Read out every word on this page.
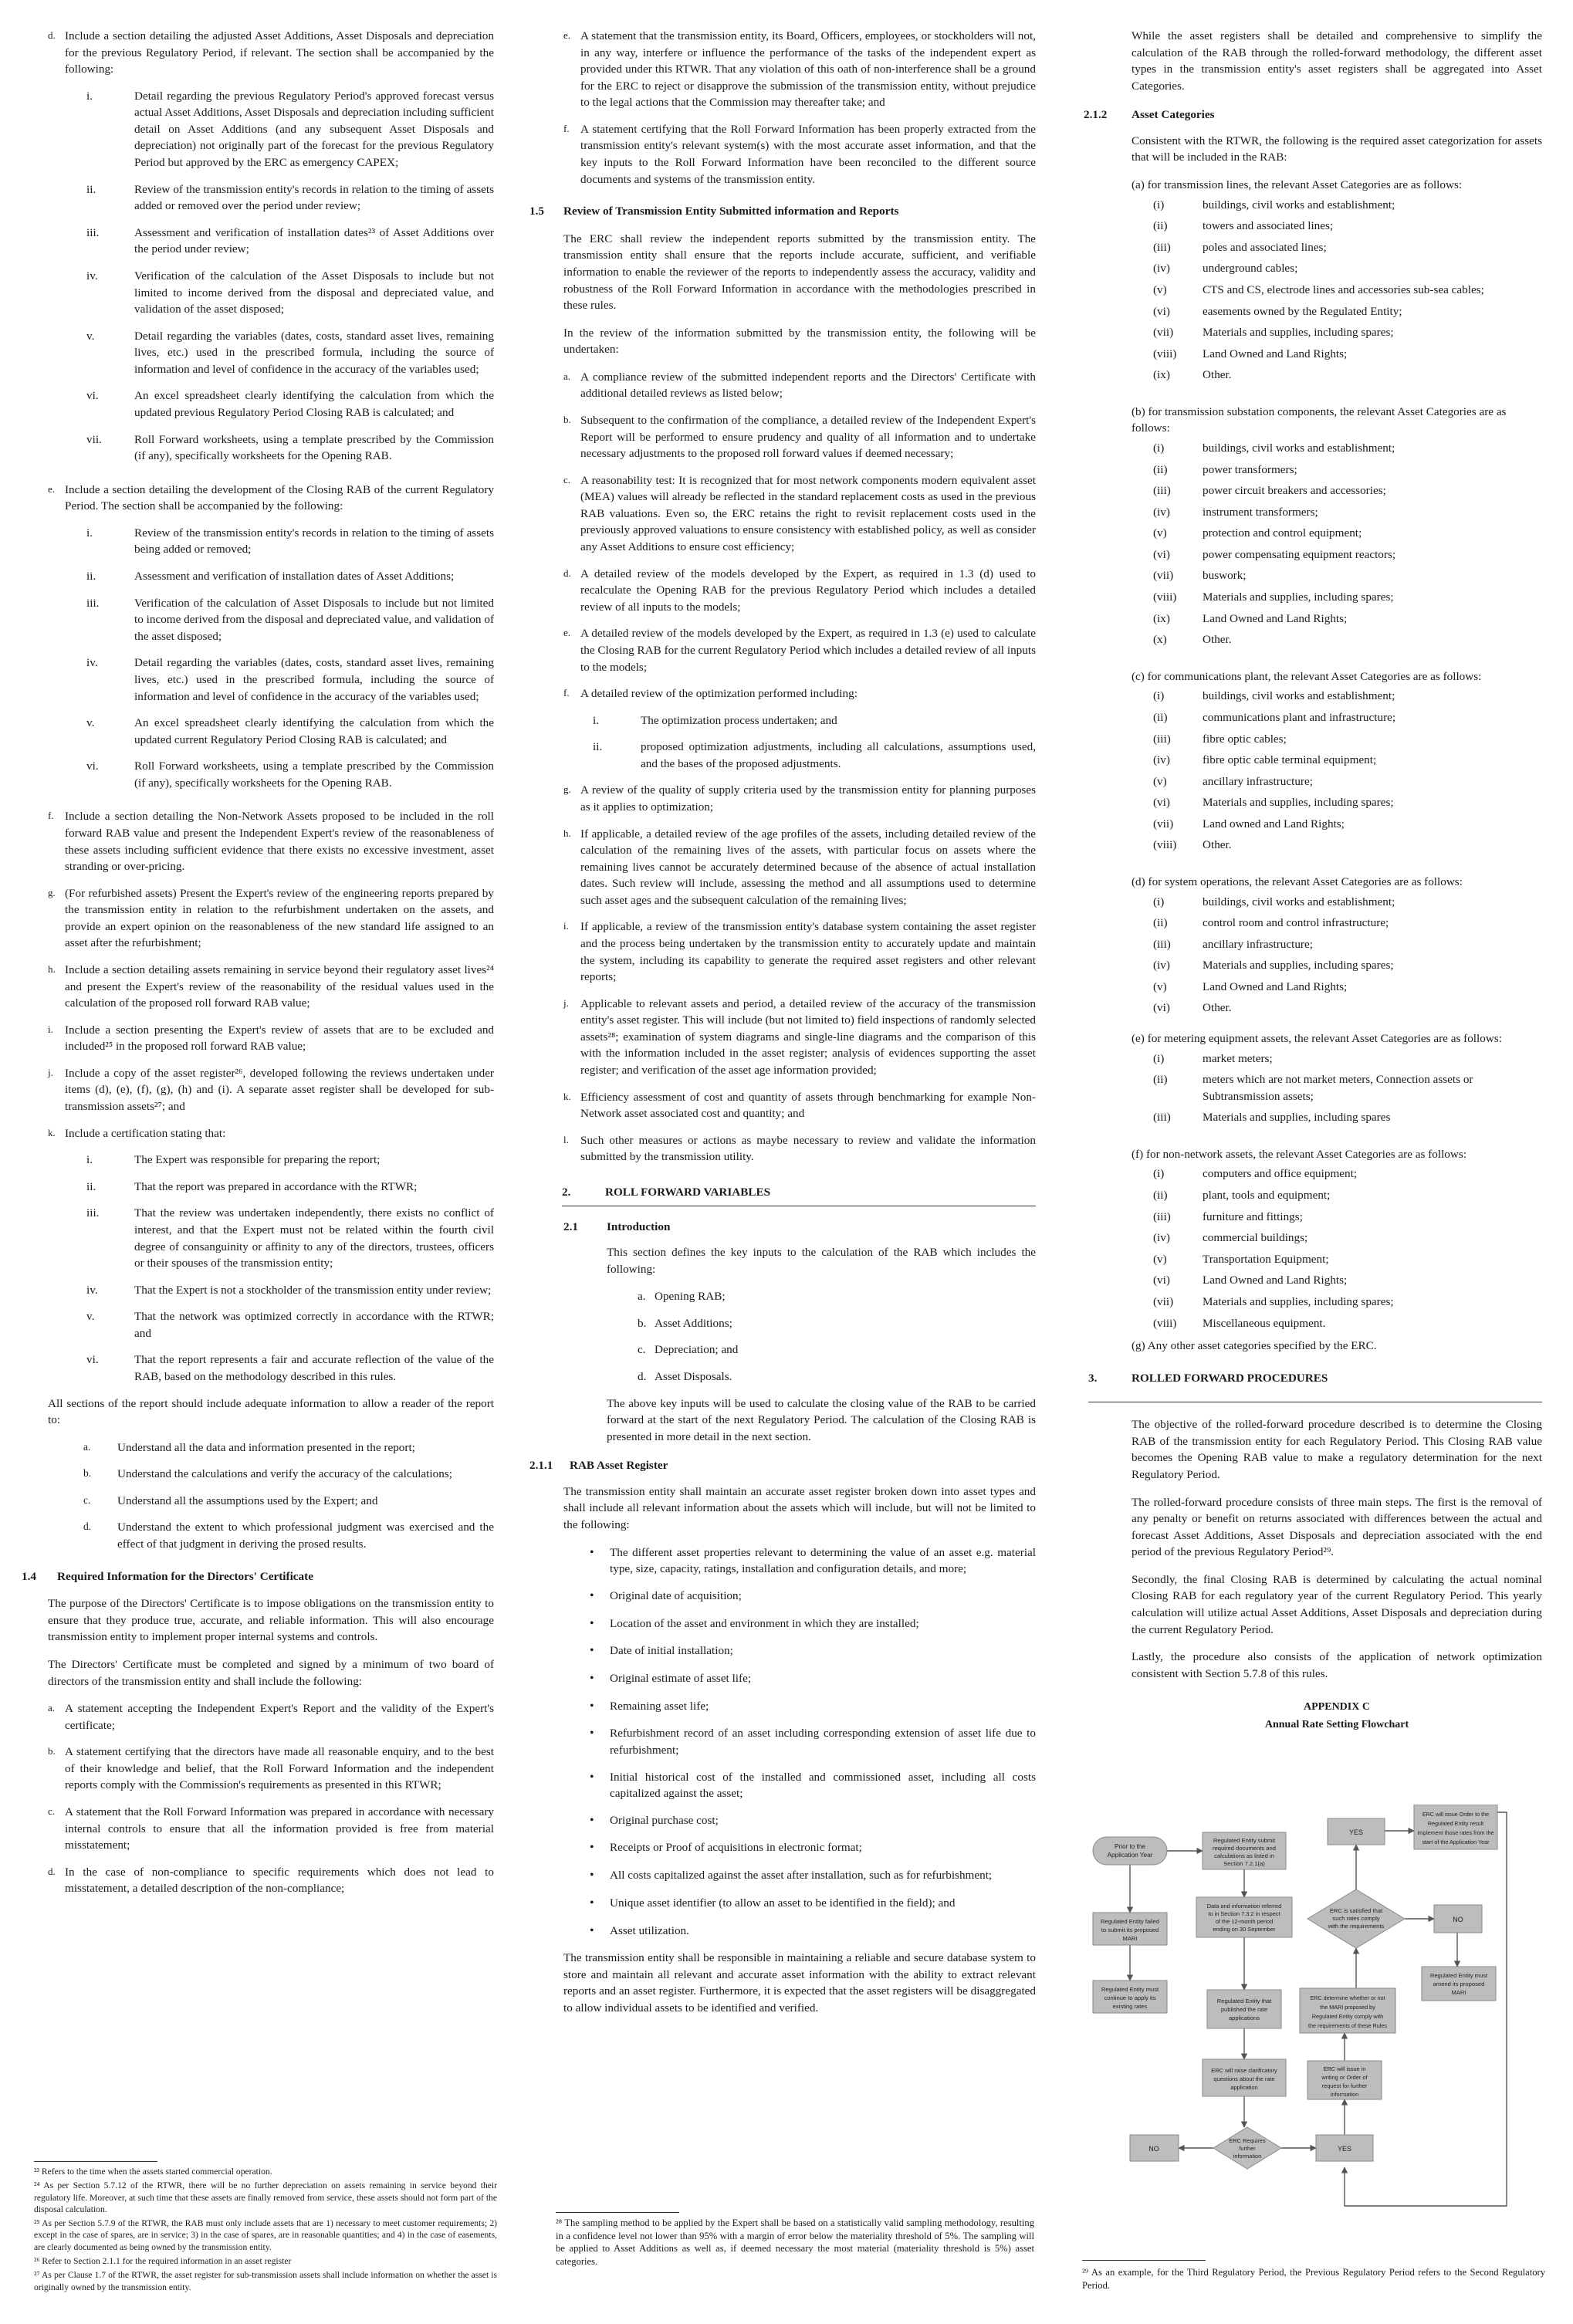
d. Include a section detailing the adjusted Asset Additions, Asset Disposals and depreciation for the previous Regulatory Period, if relevant. The section shall be accompanied by the following:
i.	Detail regarding the previous Regulatory Period's approved forecast versus actual Asset Additions, Asset Disposals and depreciation including sufficient detail on Asset Additions (and any subsequent Asset Disposals and depreciation) not originally part of the forecast for the previous Regulatory Period but approved by the ERC as emergency CAPEX;
ii.	Review of the transmission entity's records in relation to the timing of assets added or removed over the period under review;
iii.	Assessment and verification of installation dates²³ of Asset Additions over the period under review;
iv.	Verification of the calculation of the Asset Disposals to include but not limited to income derived from the disposal and depreciated value, and validation of the asset disposed;
v.	Detail regarding the variables (dates, costs, standard asset lives, remaining lives, etc.) used in the prescribed formula, including the source of information and level of confidence in the accuracy of the variables used;
vi.	An excel spreadsheet clearly identifying the calculation from which the updated previous Regulatory Period Closing RAB is calculated; and
vii.	Roll Forward worksheets, using a template prescribed by the Commission (if any), specifically worksheets for the Opening RAB.
e. Include a section detailing the development of the Closing RAB of the current Regulatory Period. The section shall be accompanied by the following:
i.	Review of the transmission entity's records in relation to the timing of assets being added or removed;
ii.	Assessment and verification of installation dates of Asset Additions;
iii.	Verification of the calculation of Asset Disposals to include but not limited to income derived from the disposal and depreciated value, and validation of the asset disposed;
iv.	Detail regarding the variables (dates, costs, standard asset lives, remaining lives, etc.) used in the prescribed formula, including the source of information and level of confidence in the accuracy of the variables used;
v.	An excel spreadsheet clearly identifying the calculation from which the updated current Regulatory Period Closing RAB is calculated; and
vi.	Roll Forward worksheets, using a template prescribed by the Commission (if any), specifically worksheets for the Opening RAB.
f. Include a section detailing the Non-Network Assets proposed to be included in the roll forward RAB value and present the Independent Expert's review of the reasonableness of these assets including sufficient evidence that there exists no excessive investment, asset stranding or over-pricing.
g. (For refurbished assets) Present the Expert's review of the engineering reports prepared by the transmission entity in relation to the refurbishment undertaken on the assets, and provide an expert opinion on the reasonableness of the new standard life assigned to an asset after the refurbishment;
h. Include a section detailing assets remaining in service beyond their regulatory asset lives²⁴ and present the Expert's review of the reasonability of the residual values used in the calculation of the proposed roll forward RAB value;
i. Include a section presenting the Expert's review of assets that are to be excluded and included²⁵ in the proposed roll forward RAB value;
j. Include a copy of the asset register²⁶, developed following the reviews undertaken under items (d), (e), (f), (g), (h) and (i). A separate asset register shall be developed for sub-transmission assets²⁷; and
k. Include a certification stating that:
i.	The Expert was responsible for preparing the report;
ii.	That the report was prepared in accordance with the RTWR;
iii.	That the review was undertaken independently, there exists no conflict of interest, and that the Expert must not be related within the fourth civil degree of consanguinity or affinity to any of the directors, trustees, officers or their spouses of the transmission entity;
iv.	That the Expert is not a stockholder of the transmission entity under review;
v.	That the network was optimized correctly in accordance with the RTWR; and
vi.	That the report represents a fair and accurate reflection of the value of the RAB, based on the methodology described in this rules.

All sections of the report should include adequate information to allow a reader of the report to:

a.	Understand all the data and information presented in the report;
b.	Understand the calculations and verify the accuracy of the calculations;
c.	Understand all the assumptions used by the Expert; and
d.	Understand the extent to which professional judgment was exercised and the effect of that judgment in deriving the prosed results.
1.4	Required Information for the Directors' Certificate

The purpose of the Directors' Certificate is to impose obligations on the transmission entity to ensure that they produce true, accurate, and reliable information. This will also encourage transmission entity to implement proper internal systems and controls.

The Directors' Certificate must be completed and signed by a minimum of two board of directors of the transmission entity and shall include the following:

a. A statement accepting the Independent Expert's Report and the validity of the Expert's certificate;
b. A statement certifying that the directors have made all reasonable enquiry, and to the best of their knowledge and belief, that the Roll Forward Information and the independent reports comply with the Commission's requirements as presented in this RTWR;
c. A statement that the Roll Forward Information was prepared in accordance with necessary internal controls to ensure that all the information provided is free from material misstatement;
d. In the case of non-compliance to specific requirements which does not lead to misstatement, a detailed description of the non-compliance;

²³ Refers to the time when the assets started commercial operation.

²⁴ As per Section 5.7.12 of the RTWR, there will be no further depreciation on assets remaining in service beyond their regulatory life. Moreover, at such time that these assets are finally removed from service, these assets should not form part of the disposal calculation.

²⁵ As per Section 5.7.9 of the RTWR, the RAB must only include assets that are 1) necessary to meet customer requirements; 2) except in the case of spares, are in service; 3) in the case of spares, are in reasonable quantities; and 4) in the case of easements, are clearly documented as being owned by the transmission entity.

²⁶ Refer to Section 2.1.1 for the required information in an asset register

²⁷ As per Clause 1.7 of the RTWR, the asset register for sub-transmission assets shall include information on whether the asset is originally owned by the transmission entity.

e. A statement that the transmission entity, its Board, Officers, employees, or stockholders will not, in any way, interfere or influence the performance of the tasks of the independent expert as provided under this RTWR. That any violation of this oath of non-interference shall be a ground for the ERC to reject or disapprove the submission of the transmission entity, without prejudice to the legal actions that the Commission may thereafter take; and
f. A statement certifying that the Roll Forward Information has been properly extracted from the transmission entity's relevant system(s) with the most accurate asset information, and that the key inputs to the Roll Forward Information have been reconciled to the different source documents and systems of the transmission entity.
1.5	Review of Transmission Entity Submitted information and Reports

The ERC shall review the independent reports submitted by the transmission entity. The transmission entity shall ensure that the reports include accurate, sufficient, and verifiable information to enable the reviewer of the reports to independently assess the accuracy, validity and robustness of the Roll Forward Information in accordance with the methodologies prescribed in these rules.

In the review of the information submitted by the transmission entity, the following will be undertaken:

a. A compliance review of the submitted independent reports and the Directors' Certificate with additional detailed reviews as listed below;
b. Subsequent to the confirmation of the compliance, a detailed review of the Independent Expert's Report will be performed to ensure prudency and quality of all information and to undertake necessary adjustments to the proposed roll forward values if deemed necessary;
c. A reasonability test: It is recognized that for most network components modern equivalent asset (MEA) values will already be reflected in the standard replacement costs as used in the previous RAB valuations. Even so, the ERC retains the right to revisit replacement costs used in the previously approved valuations to ensure consistency with established policy, as well as consider any Asset Additions to ensure cost efficiency;
d. A detailed review of the models developed by the Expert, as required in 1.3 (d) used to recalculate the Opening RAB for the previous Regulatory Period which includes a detailed review of all inputs to the models;
e. A detailed review of the models developed by the Expert, as required in 1.3 (e) used to calculate the Closing RAB for the current Regulatory Period which includes a detailed review of all inputs to the models;
f. A detailed review of the optimization performed including:
i.	The optimization process undertaken; and
ii.	proposed optimization adjustments, including all calculations, assumptions used, and the bases of the proposed adjustments.
g. A review of the quality of supply criteria used by the transmission entity for planning purposes as it applies to optimization;
h. If applicable, a detailed review of the age profiles of the assets, including detailed review of the calculation of the remaining lives of the assets, with particular focus on assets where the remaining lives cannot be accurately determined because of the absence of actual installation dates. Such review will include, assessing the method and all assumptions used to determine such asset ages and the subsequent calculation of the remaining lives;
i. If applicable, a review of the transmission entity's database system containing the asset register and the process being undertaken by the transmission entity to accurately update and maintain the system, including its capability to generate the required asset registers and other relevant reports;
j. Applicable to relevant assets and period, a detailed review of the accuracy of the transmission entity's asset register. This will include (but not limited to) field inspections of randomly selected assets²⁸; examination of system diagrams and single-line diagrams and the comparison of this with the information included in the asset register; analysis of evidences supporting the asset register; and verification of the asset age information provided;
k. Efficiency assessment of cost and quantity of assets through benchmarking for example Non-Network asset associated cost and quantity; and
l. Such other measures or actions as maybe necessary to review and validate the information submitted by the transmission utility.
2.	ROLL FORWARD VARIABLES
2.1	Introduction

This section defines the key inputs to the calculation of the RAB which includes the following:

a. Opening RAB;
b. Asset Additions;
c. Depreciation; and
d. Asset Disposals.

The above key inputs will be used to calculate the closing value of the RAB to be carried forward at the start of the next Regulatory Period. The calculation of the Closing RAB is presented in more detail in the next section.

2.1.1	RAB Asset Register

The transmission entity shall maintain an accurate asset register broken down into asset types and shall include all relevant information about the assets which will include, but will not be limited to the following:

•	The different asset properties relevant to determining the value of an asset e.g. material type, size, capacity, ratings, installation and configuration details, and more;
•	Original date of acquisition;
•	Location of the asset and environment in which they are installed;
•	Date of initial installation;
•	Original estimate of asset life;
•	Remaining asset life;
•	Refurbishment record of an asset including corresponding extension of asset life due to refurbishment;
•	Initial historical cost of the installed and commissioned asset, including all costs capitalized against the asset;
•	Original purchase cost;
•	Receipts or Proof of acquisitions in electronic format;
•	All costs capitalized against the asset after installation, such as for refurbishment;
•	Unique asset identifier (to allow an asset to be identified in the field); and
•	Asset utilization.

The transmission entity shall be responsible in maintaining a reliable and secure database system to store and maintain all relevant and accurate asset information with the ability to extract relevant reports and an asset register. Furthermore, it is expected that the asset registers will be disaggregated to allow individual assets to be identified and verified.

²⁸ The sampling method to be applied by the Expert shall be based on a statistically valid sampling methodology, resulting in a confidence level not lower than 95% with a margin of error below the materiality threshold of 5%. The sampling will be applied to Asset Additions as well as, if deemed necessary the most material (materiality threshold is 5%) asset categories.

While the asset registers shall be detailed and comprehensive to simplify the calculation of the RAB through the rolled-forward methodology, the different asset types in the transmission entity's asset registers shall be aggregated into Asset Categories.

2.1.2	Asset Categories

Consistent with the RTWR, the following is the required asset categorization for assets that will be included in the RAB:

(a) for transmission lines, the relevant Asset Categories are as follows:
(i)	buildings, civil works and establishment;
(ii)	towers and associated lines;
(iii)	poles and associated lines;
(iv)	underground cables;
(v)	CTS and CS, electrode lines and accessories sub-sea cables;
(vi)	easements owned by the Regulated Entity;
(vii)	Materials and supplies, including spares;
(viii)	Land Owned and Land Rights;
(ix)	Other.
(b) for transmission substation components, the relevant Asset Categories are as follows:
(i)	buildings, civil works and establishment;
(ii)	power transformers;
(iii)	power circuit breakers and accessories;
(iv)	instrument transformers;
(v)	protection and control equipment;
(vi)	power compensating equipment reactors;
(vii)	buswork;
(viii)	Materials and supplies, including spares;
(ix)	Land Owned and Land Rights;
(x)	Other.
(c) for communications plant, the relevant Asset Categories are as follows:
(i)	buildings, civil works and establishment;
(ii)	communications plant and infrastructure;
(iii)	fibre optic cables;
(iv)	fibre optic cable terminal equipment;
(v)	ancillary infrastructure;
(vi)	Materials and supplies, including spares;
(vii)	Land owned and Land Rights;
(viii)	Other.
(d) for system operations, the relevant Asset Categories are as follows:
(i)	buildings, civil works and establishment;
(ii)	control room and control infrastructure;
(iii)	ancillary infrastructure;
(iv)	Materials and supplies, including spares;
(v)	Land Owned and Land Rights;
(vi)	Other.
(e) for metering equipment assets, the relevant Asset Categories are as follows:
(i)	market meters;
(ii)	meters which are not market meters, Connection assets or Subtransmission assets;
(iii)	Materials and supplies, including spares
(f) for non-network assets, the relevant Asset Categories are as follows:
(i)	computers and office equipment;
(ii)	plant, tools and equipment;
(iii)	furniture and fittings;
(iv)	commercial buildings;
(v)	Transportation Equipment;
(vi)	Land Owned and Land Rights;
(vii)	Materials and supplies, including spares;
(viii)	Miscellaneous equipment.
(g) Any other asset categories specified by the ERC.
3.	ROLLED FORWARD PROCEDURES

The objective of the rolled-forward procedure described is to determine the Closing RAB of the transmission entity for each Regulatory Period. This Closing RAB value becomes the Opening RAB value to make a regulatory determination for the next Regulatory Period.

The rolled-forward procedure consists of three main steps. The first is the removal of any penalty or benefit on returns associated with differences between the actual and forecast Asset Additions, Asset Disposals and depreciation associated with the end period of the previous Regulatory Period²⁹.

Secondly, the final Closing RAB is determined by calculating the actual nominal Closing RAB for each regulatory year of the current Regulatory Period. This yearly calculation will utilize actual Asset Additions, Asset Disposals and depreciation during the current Regulatory Period.

Lastly, the procedure also consists of the application of network optimization consistent with Section 5.7.8 of this rules.

APPENDIX C
Annual Rate Setting Flowchart
Prior to the
Application Year
Regulated Entity submit
required documents and
calculations as listed in
Section 7.2.1(a)
Data and information referred
to in Section 7.3.2 in respect
of the 12-month period
ending on 30 September
ERC is satisfied that
such rates comply
with the requirements
YES
ERC will issue Order to the
Regulated Entity result
implement those rates from the
start of the Application Year
NO
Regulated Entity must
amend its proposed
MARI
Regulated Entity failed
to submit its proposed
MARI
Regulated Entity must
continue to apply its
existing rates
Regulated Entity that
published the rate
applications
ERC determine whether or not
the MARI proposed by
Regulated Entity comply with
the requirements of these Rules
ERC will raise clarificatory
questions about the rate
application
ERC will issue in
writing or Order of
request for further
information
ERC Requires
further
information
NO	YES

²⁹ As an example, for the Third Regulatory Period, the Previous Regulatory Period refers to the Second Regulatory Period.
